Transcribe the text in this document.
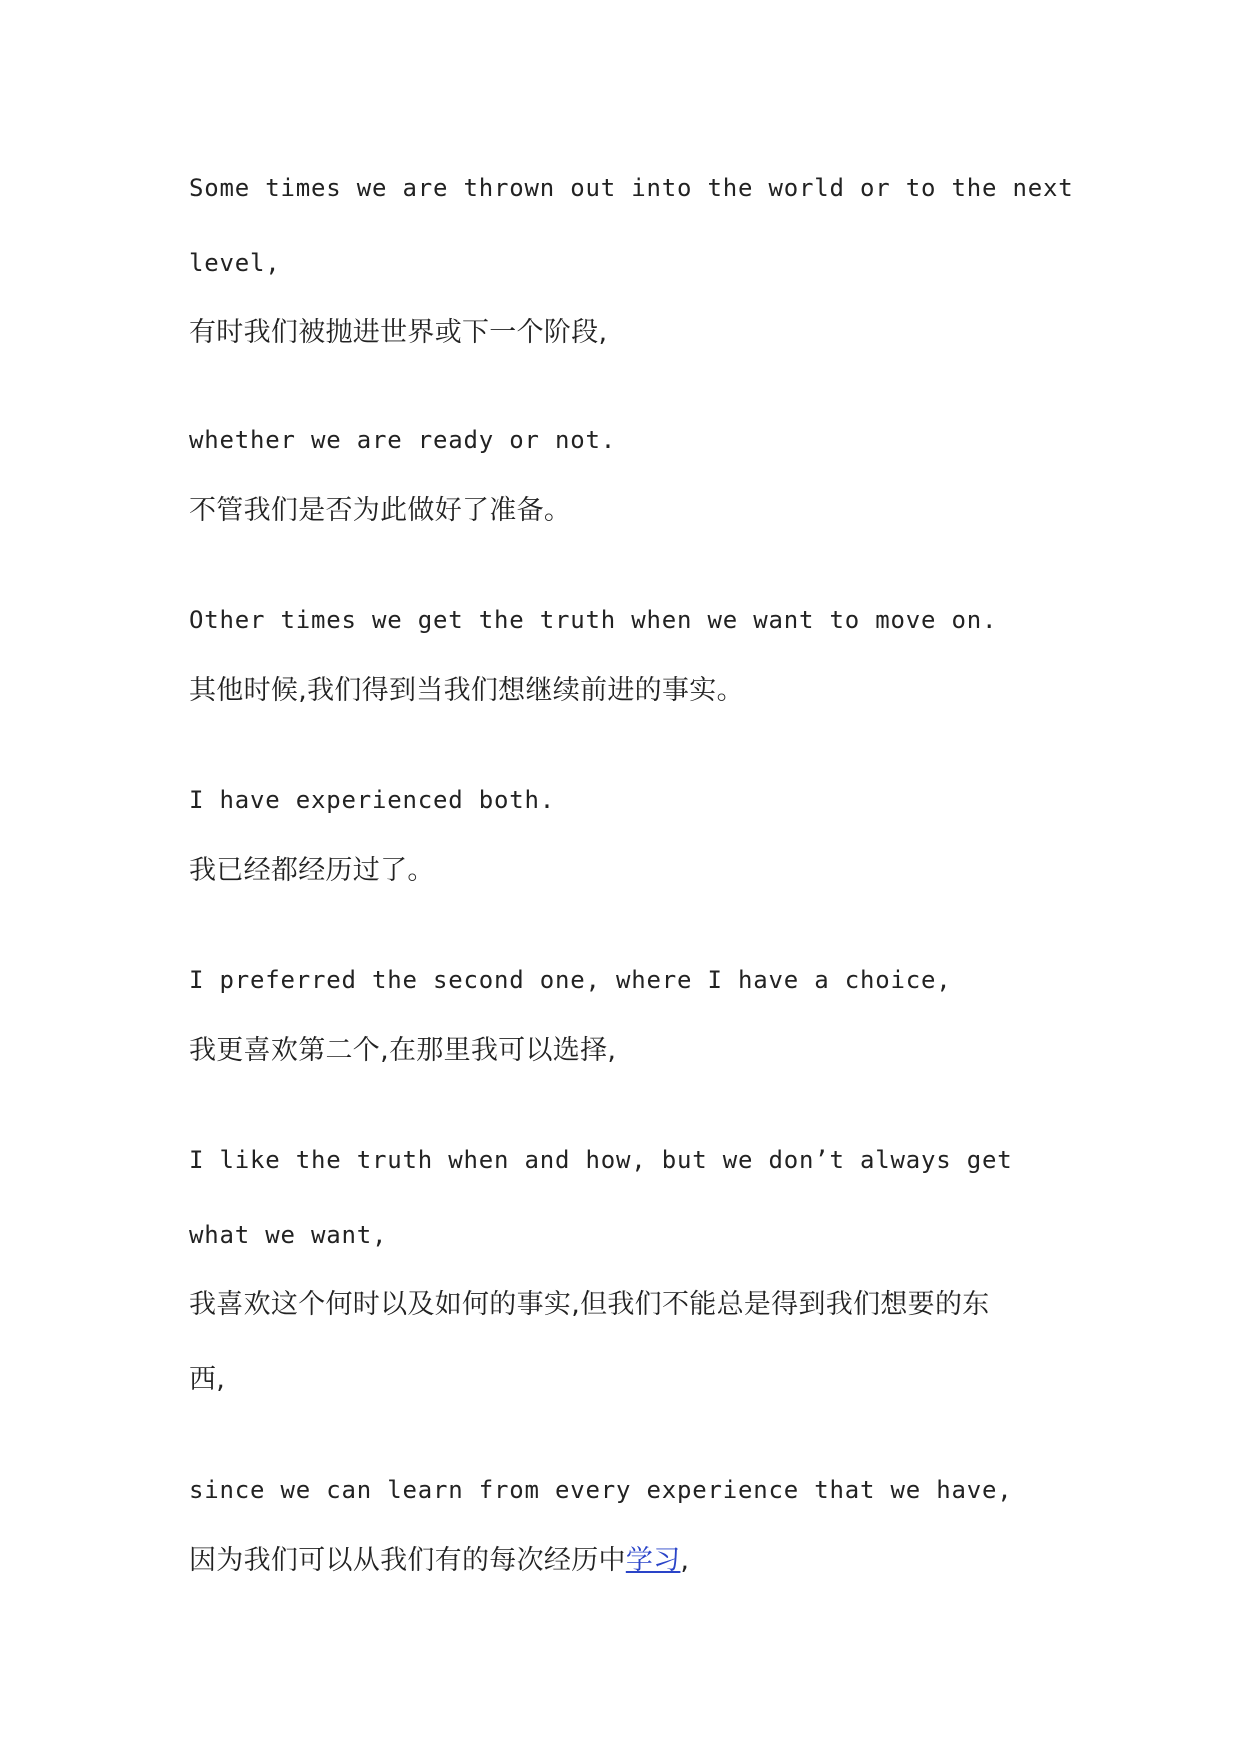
Some times we are thrown out into the world or to the next
level,
有时我们被抛进世界或下一个阶段,
whether we are ready or not.
不管我们是否为此做好了准备。
Other times we get the truth when we want to move on.
其他时候,我们得到当我们想继续前进的事实。
I have experienced both.
我已经都经历过了。
I preferred the second one, where I have a choice,
我更喜欢第二个,在那里我可以选择,
I like the truth when and how, but we don’t always get
what we want,
我喜欢这个何时以及如何的事实,但我们不能总是得到我们想要的东
西,
since we can learn from every experience that we have,
因为我们可以从我们有的每次经历中学习,
